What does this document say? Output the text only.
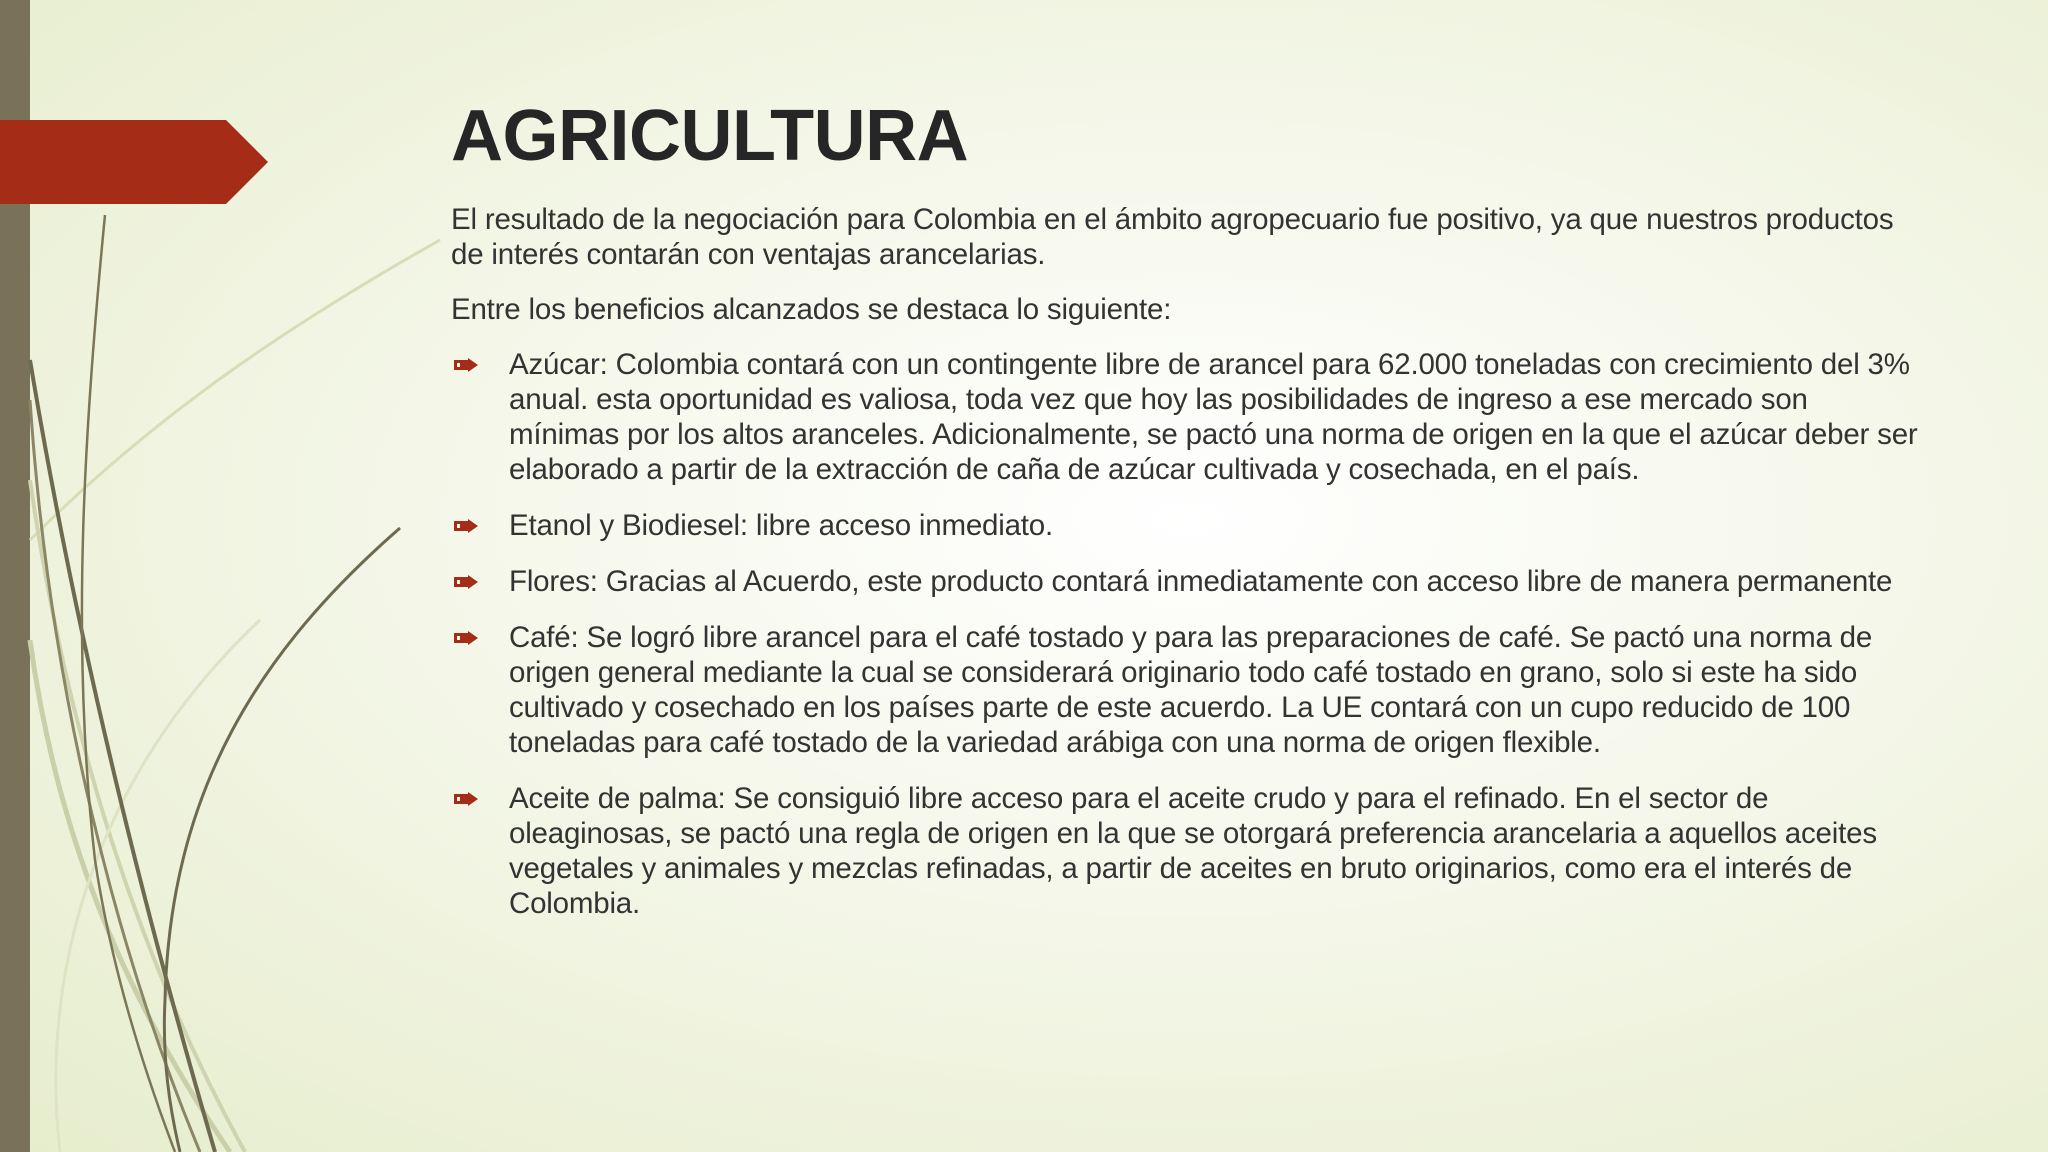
AGRICULTURA

El resultado de la negociación para Colombia en el ámbito agropecuario fue positivo, ya que nuestros productos de interés contarán con ventajas arancelarias.

Entre los beneficios alcanzados se destaca lo siguiente:

Azúcar: Colombia contará con un contingente libre de arancel para 62.000 toneladas con crecimiento del 3% anual. esta oportunidad es valiosa, toda vez que hoy las posibilidades de ingreso a ese mercado son mínimas por los altos aranceles. Adicionalmente, se pactó una norma de origen en la que el azúcar deber ser elaborado a partir de la extracción de caña de azúcar cultivada y cosechada, en el país.
Etanol y Biodiesel: libre acceso inmediato.
Flores: Gracias al Acuerdo, este producto contará inmediatamente con acceso libre de manera permanente
Café: Se logró libre arancel para el café tostado y para las preparaciones de café. Se pactó una norma de origen general mediante la cual se considerará originario todo café tostado en grano, solo si este ha sido cultivado y cosechado en los países parte de este acuerdo. La UE contará con un cupo reducido de 100 toneladas para café tostado de la variedad arábiga con una norma de origen flexible.
Aceite de palma: Se consiguió libre acceso para el aceite crudo y para el refinado. En el sector de oleaginosas, se pactó una regla de origen en la que se otorgará preferencia arancelaria a aquellos aceites vegetales y animales y mezclas refinadas, a partir de aceites en bruto originarios, como era el interés de Colombia.
